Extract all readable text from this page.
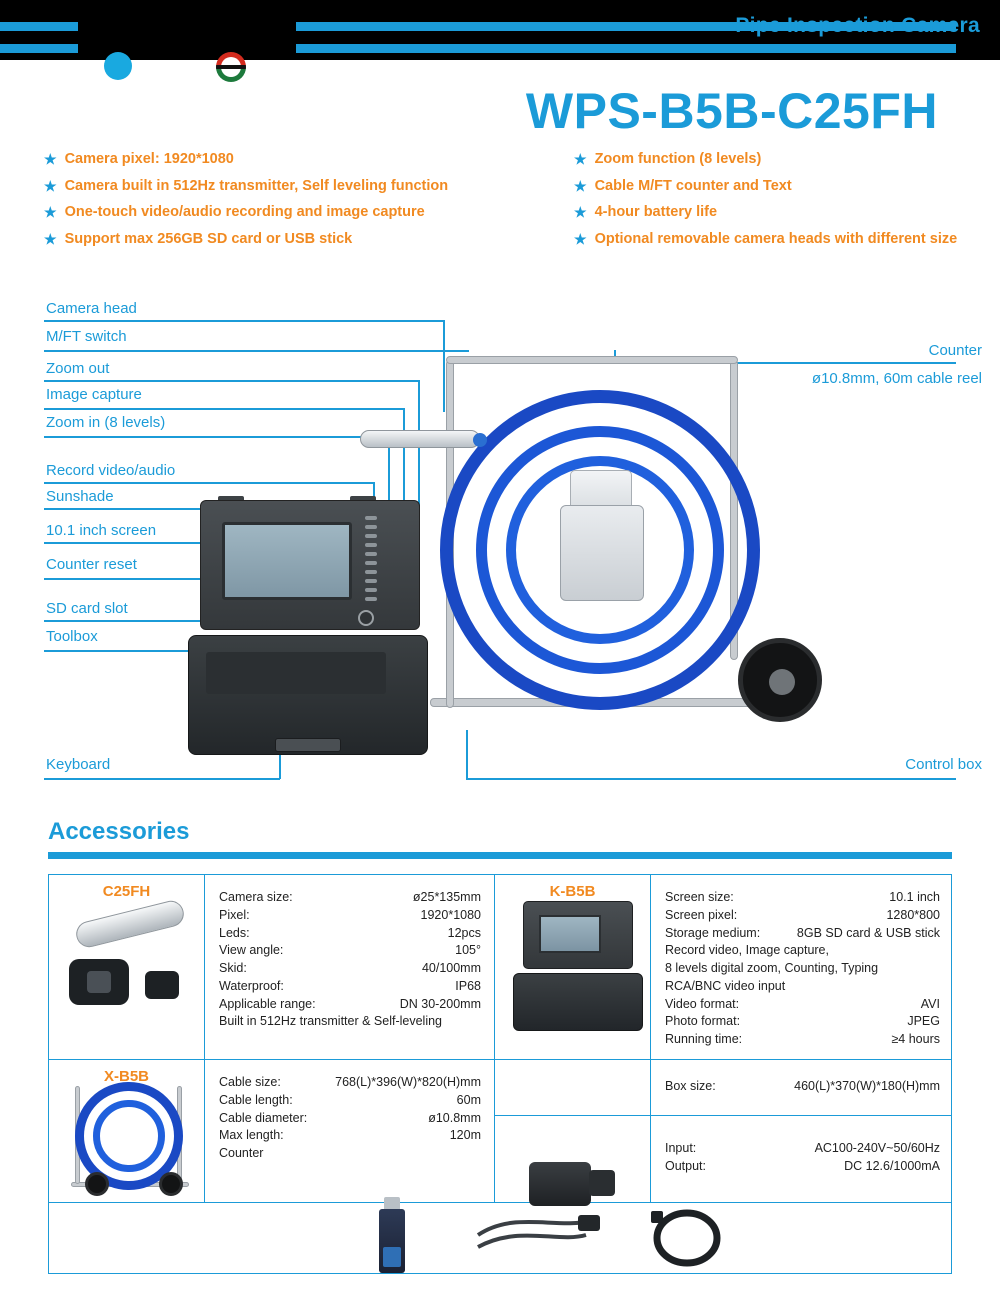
Pipe Inspection Camera
WPS-B5B-C25FH
★ Camera pixel: 1920*1080
★ Camera built in 512Hz transmitter, Self leveling function
★ One-touch video/audio recording and image capture
★ Support max 256GB SD card or USB stick
★ Zoom function (8 levels)
★ Cable M/FT counter and Text
★ 4-hour battery life
★ Optional removable camera heads with different size
Camera head
M/FT switch
Zoom out
Image capture
Zoom in (8 levels)
Record video/audio
Sunshade
10.1 inch screen
Counter reset
SD card slot
Toolbox
Keyboard
Counter
ø10.8mm, 60m cable reel
Control box
Accessories
C25FH	Camera size:	ø25*135mm
Pixel:	1920*1080
Leds:	12pcs
View angle:	105°
Skid:	40/100mm
Waterproof:	IP68
Applicable range:	DN 30-200mm
Built in 512Hz transmitter & Self-leveling
K-B5B	Screen size:	10.1 inch
Screen pixel:	1280*800
Storage medium:	8GB SD card & USB stick
Record video, Image capture,
8 levels digital zoom, Counting, Typing
RCA/BNC video input
Video format:	AVI
Photo format:	JPEG
Running time:	≥4 hours
X-B5B	Cable size:	768(L)*396(W)*820(H)mm
Cable length:	60m
Cable diameter:	ø10.8mm
Max length:	120m
Counter
Box size:	460(L)*370(W)*180(H)mm
Input:	AC100-240V~50/60Hz
Output:	DC 12.6/1000mA
